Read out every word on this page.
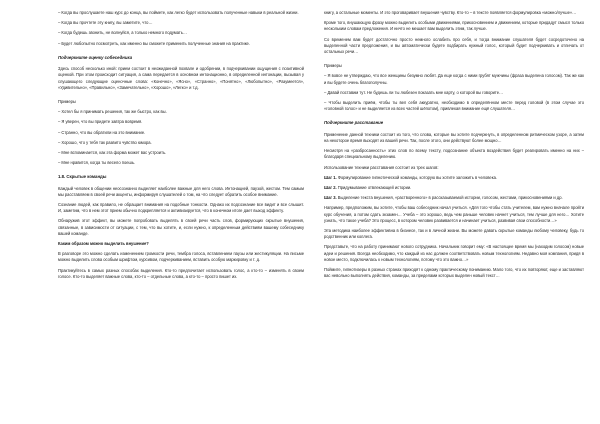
– Когда вы прослушаете наш курс до конца, вы поймете, как легко будет использовать полученные навыки в реальной жизни.

– Когда вы прочтете эту книгу, вы заметите, что…

– Когда будешь звонить, не волнуйся, а только немного подумать…

– Будет любопытно посмотреть, как именно вы сможете применить полученные знания на практике.

Подчеркните оценку собеседника

Здесь способ несколько иной: прием состоит в неожиданной похвале и одобрении, в подчеркивании ощущения с позитивной оценкой. При этом происходит ситуация, а сама передается в основном интонационно, в определенной интонации, вызывая у слушающего следующие оценочные слова: «Конечно», «Ясно», «Странно», «Понятно», «Любопытно», «Разумеется», «Удивительно», «Правильно», «Замечательно», «Хорошо», «Легко» и т.д.

Примеры

– Хотел бы я принимать решения, так же быстро, как вы.

– Я уверен, что вы придете завтра вовремя.

– Странно, что вы обратили на это внимание.

– Хорошо, что у тебя так развито чувство юмора.

– Мне вспоминается, как эта форма может вас устроить.

– Мне нравится, когда ты весело поешь.

1.8. Скрытые команды

Каждый человек в общении неосознанно выделяет наиболее важные для него слова. Интонацией, паузой, жестом. Тем самым мы расставляем в своей речи акценты, информируя слушателей о том, на что следует обратить особое внимание.

Сознание людей, как правило, не обращает внимания на подобные тонкости. Однако их подсознание все видит и все слышит. И, заметим, что в нем этот прием обычно подкрепляется и активизируется, что в конечном итоге дает выход эффекту.

Обнаружив этот эффект, вы можете попробовать выделять в своей речи часть слов, формирующих скрытые внушения, связанные, в зависимости от ситуации, с тем, что вы хотите, и, если нужно, к определенным действиям вашему собеседнику вашей команде.

Каким образом можно выделить внушение?

В разговоре это можно сделать изменением громкости речи, тембра голоса, вставлением паузы или жестикуляции. На письме можно выделить слова особым шрифтом, курсивом, подчеркиванием, вставить особую маркировку и т. д.

Практикуйтесь в самых разных способах выделения. Кто-то предпочитает использовать голос, а кто-то – изменять в своем голосе. Кто-то выделяет важные слова, кто-то – отдельные слова, а кто-то – просто пишет их.

книгу, а остальные моменты. И это проговаривает внушения чувству. Кто-то – в тексте появляется формулировка «можно/лучше»…

Кроме того, внушающую фразу можно выделить особыми движениями, прикосновением и движением, которые придадут смысл только нескольким словам предложения. И ничто не мешает вам выделить этим, так лучше.

Со временем вам будет достаточно просто немного ослабить про себя, и тогда внимание слушателя будет сосредоточено на выделенной части предложения, и вы автоматически будете подбирать нужный голос, который будет подчеркивать и отличать от остальных речи…

Примеры

– Я вовсе не утверждаю, что все женщины безумно любят. Да еще когда с ними грубят мужчины (фраза выделена голосом). Так же как и вы будете очень благополучны.

– Давай поставим тут. Не будешь ли ты любезен показать мне карту, о которой вы говорите…

– Чтобы выделить приём, чтобы ты вел себя аккуратно, необходимо в определённом месте перед головой (в этом случае это «головной голос» и не выделяется из всех частей шёпотом), привлекая внимание ещё слушателя…

Подчеркните расставание

Применение данной техники состоит из того, что слова, которые вы хотите подчеркнуть, в определенном ритмическом узоре, а затем на некоторое время выходят из вашей речи. Так, после этого, они действуют более мощно…

Несмотря на «разбросанность» этих слов по всему тексту, подсознание объекта воздействия будет реагировать именно на них – благодаря специальному выделению.

Использование техники расставания состоит из трех шагов:

Шаг 1. Формулирование гипнотической команды, которую вы хотите заложить в человека.

Шаг 2. Придумывание отвлекающей истории.

Шаг 3. Выделение текста внушения, «растворенного» в рассказываемой истории, голосом, жестами, прикосновениями и др.

Например, предположим, вы хотите, чтобы ваш собеседник начал учиться. «Для того чтобы стать учителем, вам нужно вначале пройти курс обучения, а потом сдать экзамен… Учеба – это хорошо, ведь чем раньше человек начнет учиться, тем лучше для него… Хотите узнать, что такое учеба? Это процесс, в котором человек развивается и начинает учиться, развивая свои способности…»

Эта методика наиболее эффективна в бизнесе, так и в личной жизни. Вы можете давать скрытые команды любому человеку, будь то родственник или коллега.

Представьте, что на работу принимают нового сотрудника. Начальник говорит ему: «В настоящее время мы (находим голосом) новые идеи и решения. Всегда необходимо, что каждый из нас должен соответствовать новым технологиям. Недавно моя компания, придя в новое место, подключилась к новым технологиям, потому что это важно…»

Поймите, гипнотизеры в разных странах приходят к одному практическому пониманию. Мало того, что их повторяют, еще и заставляют вас невольно выполнять действия, команды, за пределами которых выделен новый текст…
